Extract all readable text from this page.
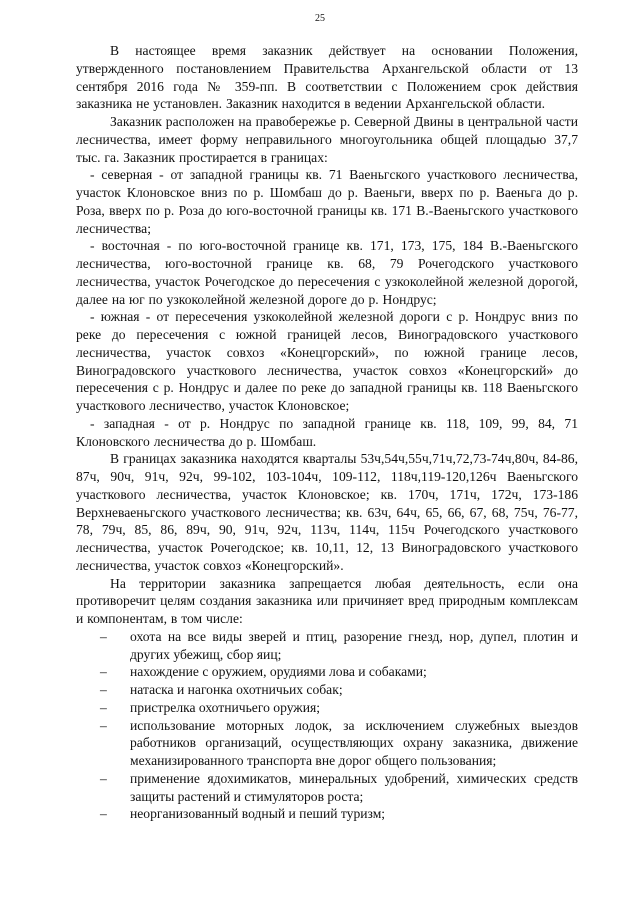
25

В настоящее время заказник действует на основании Положения, утвержденного постановлением Правительства Архангельской области от 13 сентября 2016 года № 359-пп. В соответствии с Положением срок действия заказника не установлен. Заказник находится в ведении Архангельской области.

Заказник расположен на правобережье р. Северной Двины в центральной части лесничества, имеет форму неправильного многоугольника общей площадью 37,7 тыс. га. Заказник простирается в границах:

- северная - от западной границы кв. 71 Ваеньгского участкового лесничества, участок Клоновское вниз по р. Шомбаш до р. Ваеньги, вверх по р. Ваеньга до р. Роза, вверх по р. Роза до юго-восточной границы кв. 171 В.-Ваеньгского участкового лесничества;

- восточная - по юго-восточной границе кв. 171, 173, 175, 184 В.-Ваеньгского лесничества, юго-восточной границе кв. 68, 79 Рочегодского участкового лесничества, участок Рочегодское до пересечения с узкоколейной железной дорогой, далее на юг по узкоколейной железной дороге до р. Нондрус;

- южная - от пересечения узкоколейной железной дороги с р. Нондрус вниз по реке до пересечения с южной границей лесов, Виноградовского участкового лесничества, участок совхоз «Конецгорский», по южной границе лесов, Виноградовского участкового лесничества, участок совхоз «Конецгорский» до пересечения с р. Нондрус и далее по реке до западной границы кв. 118 Ваеньгского участкового лесничество, участок Клоновское;

- западная - от р. Нондрус по западной границе кв. 118, 109, 99, 84, 71 Клоновского лесничества до р. Шомбаш.

В границах заказника находятся кварталы 53ч,54ч,55ч,71ч,72,73-74ч,80ч, 84-86, 87ч, 90ч, 91ч, 92ч, 99-102, 103-104ч, 109-112, 118ч,119-120,126ч Ваеньгского участкового лесничества, участок Клоновское; кв. 170ч, 171ч, 172ч, 173-186 Верхневаеньгского участкового лесничества; кв. 63ч, 64ч, 65, 66, 67, 68, 75ч, 76-77, 78, 79ч, 85, 86, 89ч, 90, 91ч, 92ч, 113ч, 114ч, 115ч Рочегодского участкового лесничества, участок Рочегодское; кв. 10,11, 12, 13 Виноградовского участкового лесничества, участок совхоз «Конецгорский».

На территории заказника запрещается любая деятельность, если она противоречит целям создания заказника или причиняет вред природным комплексам и компонентам, в том числе:

– охота на все виды зверей и птиц, разорение гнезд, нор, дупел, плотин и других убежищ, сбор яиц;
– нахождение с оружием, орудиями лова и собаками;
– натаска и нагонка охотничьих собак;
– пристрелка охотничьего оружия;
– использование моторных лодок, за исключением служебных выездов работников организаций, осуществляющих охрану заказника, движение механизированного транспорта вне дорог общего пользования;
– применение ядохимикатов, минеральных удобрений, химических средств защиты растений и стимуляторов роста;
– неорганизованный водный и пеший туризм;
